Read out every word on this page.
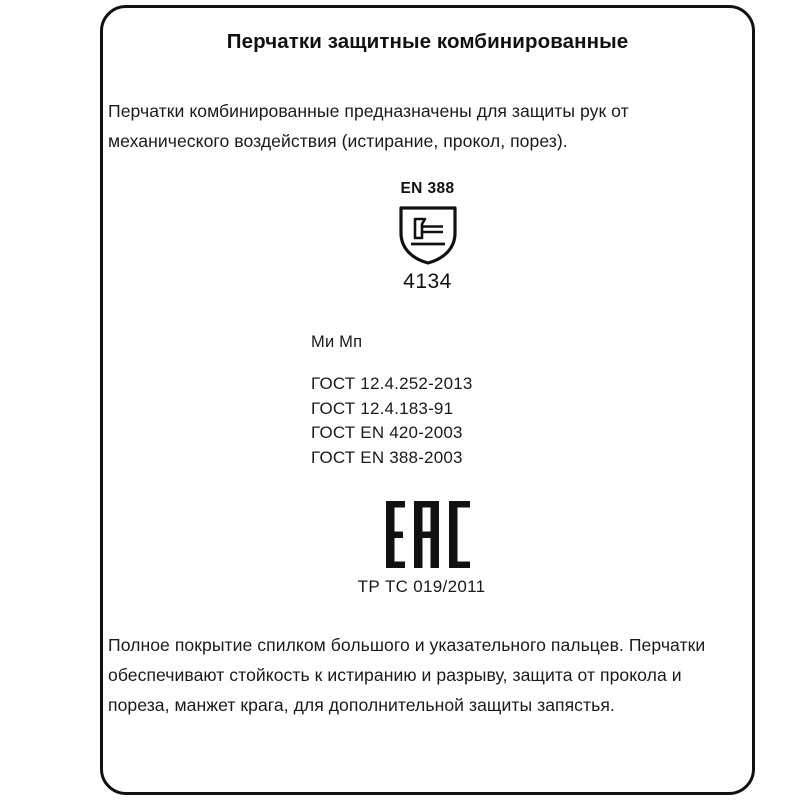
Перчатки защитные комбинированные
Перчатки комбинированные предназначены для защиты рук от механического воздействия (истирание, прокол, порез).
EN 388
4134
Ми Мп
ГОСТ 12.4.252-2013
ГОСТ 12.4.183-91
ГОСТ EN 420-2003
ГОСТ EN 388-2003
ТР ТС 019/2011
Полное покрытие спилком большого и указательного пальцев. Перчатки обеспечивают стойкость к истиранию и разрыву, защита от прокола и пореза, манжет крага, для дополнительной защиты запястья.
